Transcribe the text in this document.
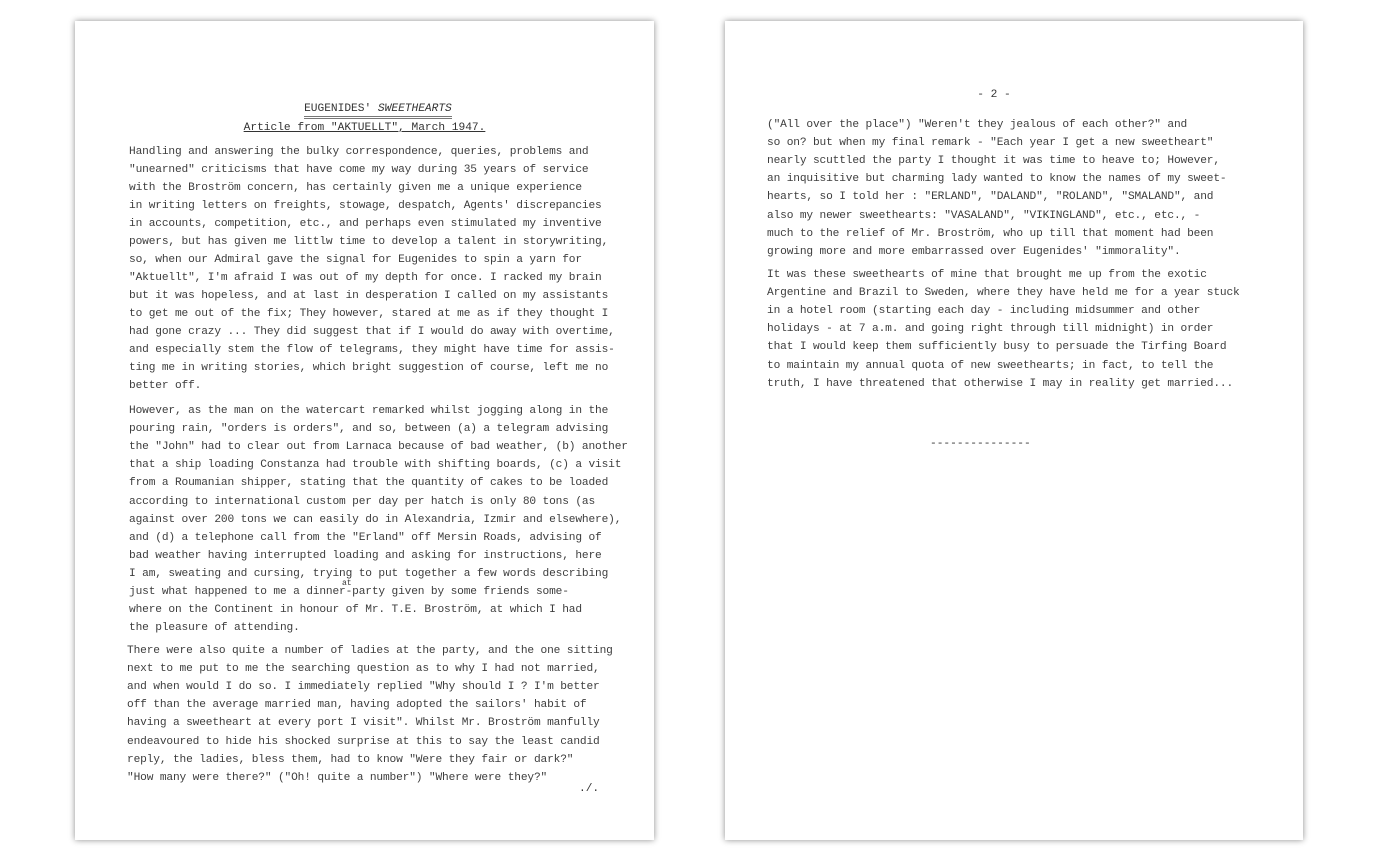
EUGENIDES' SWEETHEARTS

Article from "AKTUELLT", March 1947.
Handling and answering the bulky correspondence, queries, problems and
"unearned" criticisms that have come my way during 35 years of service
with the Broström concern, has certainly given me a unique experience
in writing letters on freights, stowage, despatch, Agents' discrepancies
in accounts, competition, etc., and perhaps even stimulated my inventive
powers, but has given me littlw time to develop a talent in storywriting,
so, when our Admiral gave the signal for Eugenides to spin a yarn for
"Aktuellt", I'm afraid I was out of my depth for once. I racked my brain
but it was hopeless, and at last in desperation I called on my assistants
to get me out of the fix; They however, stared at me as if they thought I
had gone crazy ... They did suggest that if I would do away with overtime,
and especially stem the flow of telegrams, they might have time for assis-
ting me in writing stories, which bright suggestion of course, left me no
better off.
However, as the man on the watercart remarked whilst jogging along in the
pouring rain, "orders is orders", and so, between (a) a telegram advising
the "John" had to clear out from Larnaca because of bad weather, (b) another
that a ship loading Constanza had trouble with shifting boards, (c) a visit
from a Roumanian shipper, stating that the quantity of cakes to be loaded
according to international custom per day per hatch is only 80 tons (as
against over 200 tons we can easily do in Alexandria, Izmir and elsewhere),
and (d) a telephone call from the "Erland" off Mersin Roads, advising of
bad weather having interrupted loading and asking for instructions, here
I am, sweating and cursing, trying to put together a few words describing
just what happened to me a dinner-party given by some friends some-
where on the Continent in honour of Mr. T.E. Broström, at which I had
the pleasure of attending.
There were also quite a number of ladies at the party, and the one sitting
next to me put to me the searching question as to why I had not married,
and when would I do so. I immediately replied "Why should I ? I'm better
off than the average married man, having adopted the sailors' habit of
having a sweetheart at every port I visit". Whilst Mr. Broström manfully
endeavoured to hide his shocked surprise at this to say the least candid
reply, the ladies, bless them, had to know "Were they fair or dark?"
"How many were there?" ("Oh! quite a number") "Where were they?"
at
./.
- 2 -
("All over the place") "Weren't they jealous of each other?" and
so on? but when my final remark - "Each year I get a new sweetheart"
nearly scuttled the party I thought it was time to heave to; However,
an inquisitive but charming lady wanted to know the names of my sweet-
hearts, so I told her : "ERLAND", "DALAND", "ROLAND", "SMALAND", and
also my newer sweethearts: "VASALAND", "VIKINGLAND", etc., etc., -
much to the relief of Mr. Broström, who up till that moment had been
growing more and more embarrassed over Eugenides' "immorality".
It was these sweethearts of mine that brought me up from the exotic
Argentine and Brazil to Sweden, where they have held me for a year stuck
in a hotel room (starting each day - including midsummer and other
holidays - at 7 a.m. and going right through till midnight) in order
that I would keep them sufficiently busy to persuade the Tirfing Board
to maintain my annual quota of new sweethearts; in fact, to tell the
truth, I have threatened that otherwise I may in reality get married...
---------------
